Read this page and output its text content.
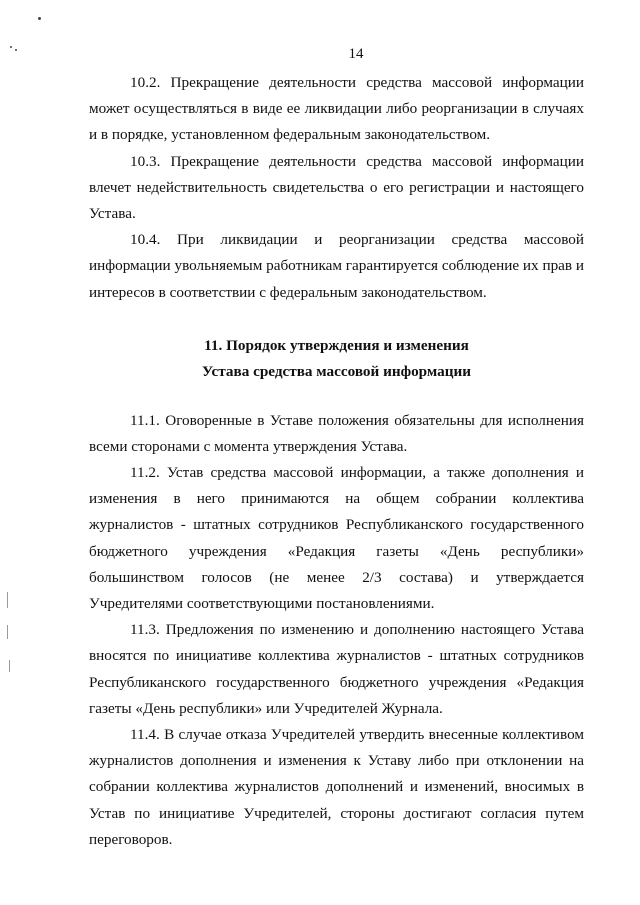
14

10.2. Прекращение деятельности средства массовой информации может осуществляться в виде ее ликвидации либо реорганизации в случаях и в порядке, установленном федеральным законодательством.

10.3. Прекращение деятельности средства массовой информации влечет недействительность свидетельства о его регистрации и настоящего Устава.

10.4. При ликвидации и реорганизации средства массовой информации увольняемым работникам гарантируется соблюдение их прав и интересов в соответствии с федеральным законодательством.

11. Порядок утверждения и изменения

Устава средства массовой информации

11.1. Оговоренные в Уставе положения обязательны для исполнения всеми сторонами с момента утверждения Устава.

11.2. Устав средства массовой информации, а также дополнения и изменения в него принимаются на общем собрании коллектива журналистов - штатных сотрудников Республиканского государственного бюджетного учреждения «Редакция газеты «День республики» большинством голосов (не менее 2/3 состава) и утверждается Учредителями соответствующими постановлениями.

11.3. Предложения по изменению и дополнению настоящего Устава вносятся по инициативе коллектива журналистов - штатных сотрудников Республиканского государственного бюджетного учреждения «Редакция газеты «День республики» или Учредителей Журнала.

11.4. В случае отказа Учредителей утвердить внесенные коллективом журналистов дополнения и изменения к Уставу либо при отклонении на собрании коллектива журналистов дополнений и изменений, вносимых в Устав по инициативе Учредителей, стороны достигают согласия путем переговоров.
